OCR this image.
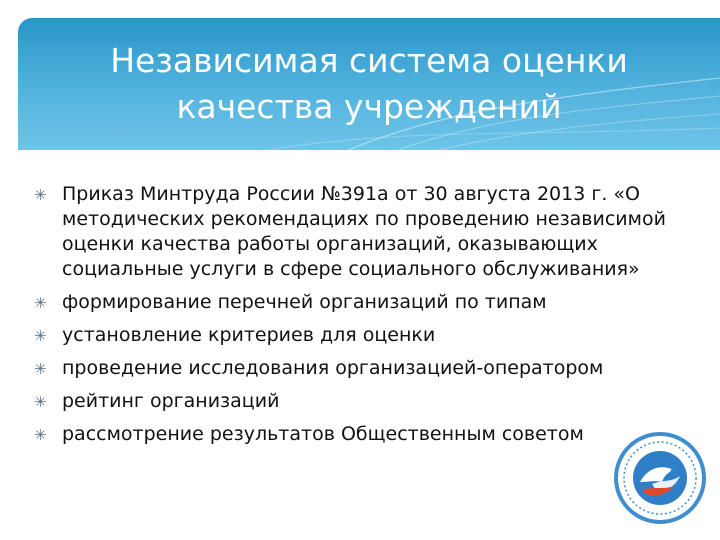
Независимая система оценки
качества учреждений
✳ Приказ Минтруда России №391а от 30 августа 2013 г. «О методических рекомендациях по проведению независимой оценки качества работы организаций, оказывающих социальные услуги в сфере социального обслуживания»
✳ формирование перечней организаций по типам
✳ установление критериев для оценки
✳ проведение исследования организацией-оператором
✳ рейтинг организаций
✳ рассмотрение результатов Общественным советом
